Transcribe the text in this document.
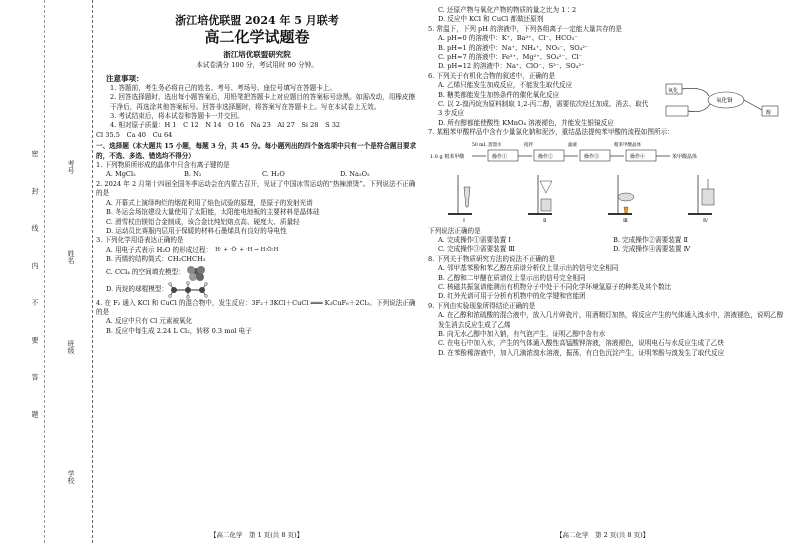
考号
姓名
班级
学校
密 封 线 内 不 要 答 题
浙江培优联盟 2024 年 5 月联考
高二化学试题卷
浙江培优联盟研究院
本试卷满分 100 分，考试用时 90 分钟。
注意事项：
1. 答题前，考生务必将自己的姓名、考号、考场号、座位号填写在答题卡上。
2. 回答选择题时，选出每小题答案后，用铅笔把答题卡上对应题目的答案标号涂黑。如需改动，用橡皮擦干净后，再选涂其他答案标号。回答非选择题时，将答案写在答题卡上。写在本试卷上无效。
3. 考试结束后，将本试卷和答题卡一并交回。
4. 相对原子质量：H 1　C 12　N 14　O 16　Na 23　Al 27　Si 28　S 32
Cl 35.5　Ca 40　Cu 64
一、选择题（本大题共 15 小题，每题 3 分，共 45 分。每小题列出的四个备选项中只有一个是符合题目要求的，不选、多选、错选均不得分）
1. 下列物质所形成的晶体中只含有离子键的是
A. MgCl₂	B. N₂	C. H₂O	D. Na₂O₂
2. 2024 年 2 月第十四届全国冬季运动会在内蒙古召开，见证了中国冰雪运动的“热辣滚烫”。下列说法不正确的是
A. 开幕式上演绎绚烂的烟花利用了焰色试验的原理，是原子的发射光谱
B. 冬运会场馆建设大量使用了太阳能，太阳能电池板的主要材料是晶体硅
C. 滑雪杖由镁铝合金制成，该合金比纯铝熔点高、硬度大、质量轻
D. 运动员比赛服内层用于保暖的材料石墨烯具有良好的导电性
3. 下列化学用语表达正确的是
A. 用电子式表示 H₂O 的形成过程： H· + ·Ö· + ·H → H:Ö:H
B. 丙烯的结构简式：CH₂CHCH₃
C. CCl₄ 的空间填充模型：
D. 丙烷的球棍模型：
4. 在 F₂ 通入 KCl 和 CuCl 的混合物中，发生反应：3F₂＋3KCl＋CuCl ═══ K₃CuF₆＋2Cl₂。下列说法正确的是
A. 反应中只有 Cl 元素被氧化
B. 反应中每生成 2.24 L Cl₂，转移 0.3 mol 电子
C. 还原产物与氧化产物的物质的量之比为 1∶2
D. 反应中 KCl 和 CuCl 都做还原剂
5. 常温下，下列 pH 的溶液中，下列各组离子一定能大量共存的是
A. pH=0 的溶液中：K⁺、Ba²⁺、Cl⁻、HCO₃⁻
B. pH=1 的溶液中：Na⁺、NH₄⁺、NO₃⁻、SO₄²⁻
C. pH=7 的溶液中：Fe³⁺、Mg²⁺、SO₄²⁻、Cl⁻
D. pH=12 的溶液中：Na⁺、ClO⁻、S²⁻、SO₄²⁻
6. 下列关于有机化合物的叙述中，正确的是
A. 乙烯只能发生加成反应，不能发生取代反应
B. 糖类都能发生加热条件的催化氧化反应
C. 以 2-溴丙烷为原料制取 1,2-丙二醇，需要依次经过加成、消去、取代 3 步反应
D. 所有醇都能使酸性 KMnO₄ 溶液褪色，并能发生银镜反应
氧化铜
氧化
醇
7. 某粗苯甲酸样品中含有少量氯化钠和泥沙，重结晶法提纯苯甲酸的流程如图所示：
1.0 g 粗苯甲酸
50 mL 蒸馏水
操作①
搅拌
操作②
滤液
操作③
粗苯甲酸晶体
操作④	苯甲酸晶体

Ⅰ	Ⅱ	Ⅲ	Ⅳ
下列说法正确的是
A. 完成操作①需要装置 Ⅰ	B. 完成操作②需要装置 Ⅱ
C. 完成操作③需要装置 Ⅲ	D. 完成操作④需要装置 Ⅳ
8. 下列关于物质研究方法的说法不正确的是
A. 邻甲基苯酚和苯乙醇在质谱分析仪上显示出的信号完全相同
B. 乙醇和二甲醚在质谱仪上显示出的信号完全相同
C. 核磁共振氢谱能测出有机物分子中处于不同化学环境氢原子的种类及其个数比
D. 红外光谱可用于分析有机物中的化学键和官能团
9. 下列由实验现象所得结论正确的是
A. 在乙醇和浓硫酸的混合液中，放入几片碎瓷片，用酒精灯加热，将反应产生的气体通入溴水中，溶液褪色，说明乙醇发生消去反应生成了乙烯
B. 向无水乙醇中加入钠，有气泡产生，证明乙醇中含有水
C. 在电石中加入水，产生的气体通入酸性高锰酸钾溶液，溶液褪色，说明电石与水反应生成了乙炔
D. 在苯酚稀溶液中，加入几滴浓溴水溶液，振荡，有白色沉淀产生，证明苯酚与溴发生了取代反应
【高二化学　第 1 页(共 8 页)】	【高二化学　第 2 页(共 8 页)】
